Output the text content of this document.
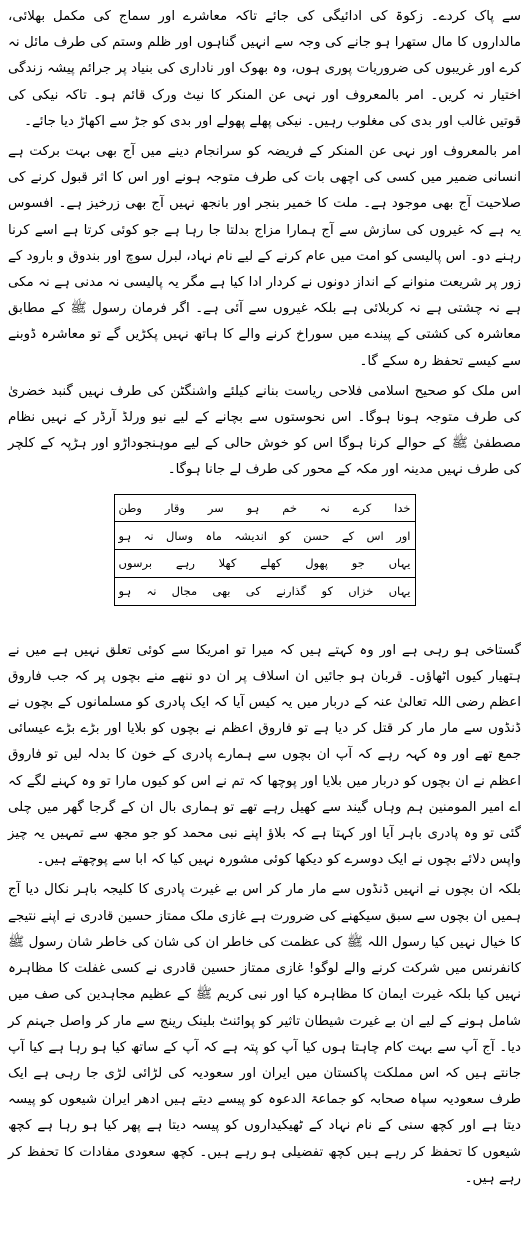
سے پاک کردے۔ زکوۃ کی ادائیگی کی جائے تاکہ معاشرے اور سماج کی مکمل بھلائی، مالداروں کا مال ستھرا ہو جانے کی وجہ سے انہیں گناہوں اور ظلم وستم کی طرف مائل نہ کرے اور غریبوں کی ضروریات پوری ہوں، وہ بھوک اور ناداری کی بنیاد پر جرائم پیشہ زندگی اختیار نہ کریں۔ امر بالمعروف اور نہی عن المنکر کا نیٹ ورک قائم ہو۔ تاکہ نیکی کی قوتیں غالب اور بدی کی مغلوب رہیں۔ نیکی پھلے پھولے اور بدی کو جڑ سے اکھاڑ دیا جائے۔

امر بالمعروف اور نہی عن المنکر کے فریضہ کو سرانجام دینے میں آج بھی بہت برکت ہے انسانی ضمیر میں کسی کی اچھی بات کی طرف متوجہ ہونے اور اس کا اثر قبول کرنے کی صلاحیت آج بھی موجود ہے۔ ملت کا خمیر بنجر اور بانجھ نہیں آج بھی زرخیز ہے۔ افسوس یہ ہے کہ غیروں کی سازش سے آج ہمارا مزاج بدلتا جا رہا ہے جو کوئی کرتا ہے اسے کرنا رہنے دو۔ اس پالیسی کو امت میں عام کرنے کے لیے نام نہاد، لبرل سوچ اور بندوق و بارود کے زور پر شریعت منوانے کے انداز دونوں نے کردار ادا کیا ہے مگر یہ پالیسی نہ مدنی ہے نہ مکی ہے نہ چشتی ہے نہ کربلائی ہے بلکہ غیروں سے آئی ہے۔ اگر فرمان رسول ﷺ کے مطابق معاشرہ کی کشتی کے پیندے میں سوراخ کرنے والے کا ہاتھ نہیں پکڑیں گے تو معاشرہ ڈوبنے سے کیسے تحفظ رہ سکے گا۔

اس ملک کو صحیح اسلامی فلاحی ریاست بنانے کیلئے واشنگٹن کی طرف نہیں گنبد خضریٰ کی طرف متوجہ ہونا ہوگا۔ اس نحوستوں سے بچانے کے لیے نیو ورلڈ آرڈر کے نہیں نظام مصطفیٰ ﷺ کے حوالے کرنا ہوگا اس کو خوش حالی کے لیے موہنجوداڑو اور ہڑپہ کے کلچر کی طرف نہیں مدینہ اور مکہ کے محور کی طرف لے جانا ہوگا۔

خدا کرے نہ خم ہو سر وقار وطن
اور اس کے حسن کو اندیشہ ماہ وسال نہ ہو
یہاں جو پھول کھلے کھلا رہے برسوں
یہاں خزاں کو گذارنے کی بھی مجال نہ ہو

گستاخی ہو رہی ہے اور وہ کہتے ہیں کہ میرا تو امریکا سے کوئی تعلق نہیں ہے میں نے ہتھیار کیوں اٹھاؤں۔ قربان ہو جائیں ان اسلاف پر ان دو ننھے منے بچوں پر کہ جب فاروق اعظم رضی اللہ تعالیٰ عنہ کے دربار میں یہ کیس آیا کہ ایک پادری کو مسلمانوں کے بچوں نے ڈنڈوں سے مار مار کر قتل کر دیا ہے تو فاروق اعظم نے بچوں کو بلایا اور بڑے بڑے عیسائی جمع تھے اور وہ کہہ رہے کہ آپ ان بچوں سے ہمارے پادری کے خون کا بدلہ لیں تو فاروق اعظم نے ان بچوں کو دربار میں بلایا اور پوچھا کہ تم نے اس کو کیوں مارا تو وہ کہنے لگے کہ اے امیر المومنین ہم وہاں گیند سے کھیل رہے تھے تو ہماری بال ان کے گرجا گھر میں چلی گئی تو وہ پادری باہر آیا اور کہتا ہے کہ بلاؤ اپنے نبی محمد کو جو مجھ سے تمہیں یہ چیز واپس دلائے بچوں نے ایک دوسرے کو دیکھا کوئی مشورہ نہیں کیا کہ ابا سے پوچھتے ہیں۔

بلکہ ان بچوں نے انہیں ڈنڈوں سے مار مار کر اس بے غیرت پادری کا کلیجہ باہر نکال دیا آج ہمیں ان بچوں سے سبق سیکھنے کی ضرورت ہے غازی ملک ممتاز حسین قادری نے اپنے نتیجے کا خیال نہیں کیا رسول اللہ ﷺ کی عظمت کی خاطر ان کی شان کی خاطر شان رسول ﷺ کانفرنس میں شرکت کرنے والے لوگو! غازی ممتاز حسین قادری نے کسی غفلت کا مظاہرہ نہیں کیا بلکہ غیرت ایمان کا مظاہرہ کیا اور نبی کریم ﷺ کے عظیم مجاہدین کی صف میں شامل ہونے کے لیے ان بے غیرت شیطان تاثیر کو پوائنٹ بلینک رینج سے مار کر واصل جہنم کر دیا۔ آج آپ سے بہت کام چاہتا ہوں کیا آپ کو پتہ ہے کہ آپ کے ساتھ کیا ہو رہا ہے کیا آپ جانتے ہیں کہ اس مملکت پاکستان میں ایران اور سعودیہ کی لڑائی لڑی جا رہی ہے ایک طرف سعودیہ سپاہ صحابہ کو جماعۃ الدعوہ کو پیسے دیتے ہیں ادھر ایران شیعوں کو پیسہ دیتا ہے اور کچھ سنی کے نام نہاد کے ٹھیکیداروں کو پیسہ دیتا ہے پھر کیا ہو رہا ہے کچھ شیعوں کا تحفظ کر رہے ہیں کچھ تفضیلی ہو رہے ہیں۔ کچھ سعودی مفادات کا تحفظ کر رہے ہیں۔
